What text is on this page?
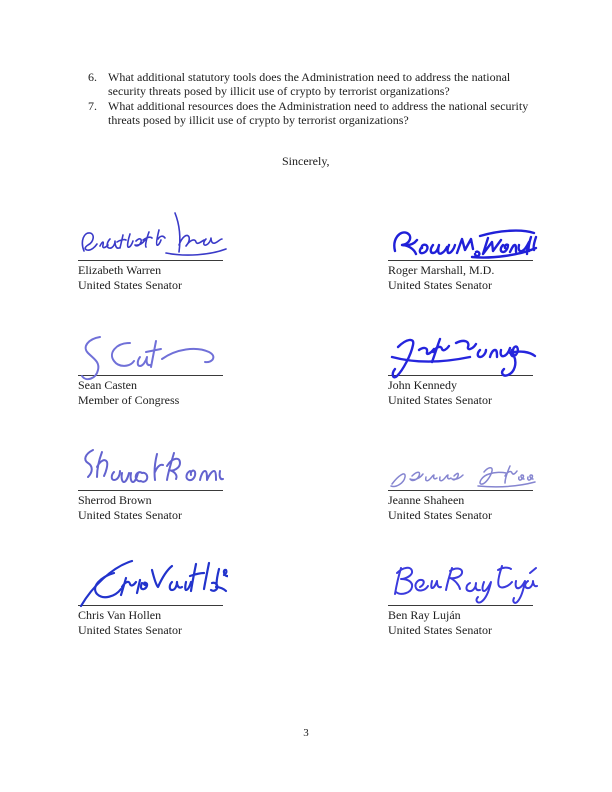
6. What additional statutory tools does the Administration need to address the national
security threats posed by illicit use of crypto by terrorist organizations?
7. What additional resources does the Administration need to address the national security
threats posed by illicit use of crypto by terrorist organizations?
Sincerely,
Elizabeth Warren
United States Senator
Roger Marshall, M.D.
United States Senator
Sean Casten
Member of Congress
John Kennedy
United States Senator
Sherrod Brown
United States Senator
Jeanne Shaheen
United States Senator
Chris Van Hollen
United States Senator
Ben Ray Luján
United States Senator
3
